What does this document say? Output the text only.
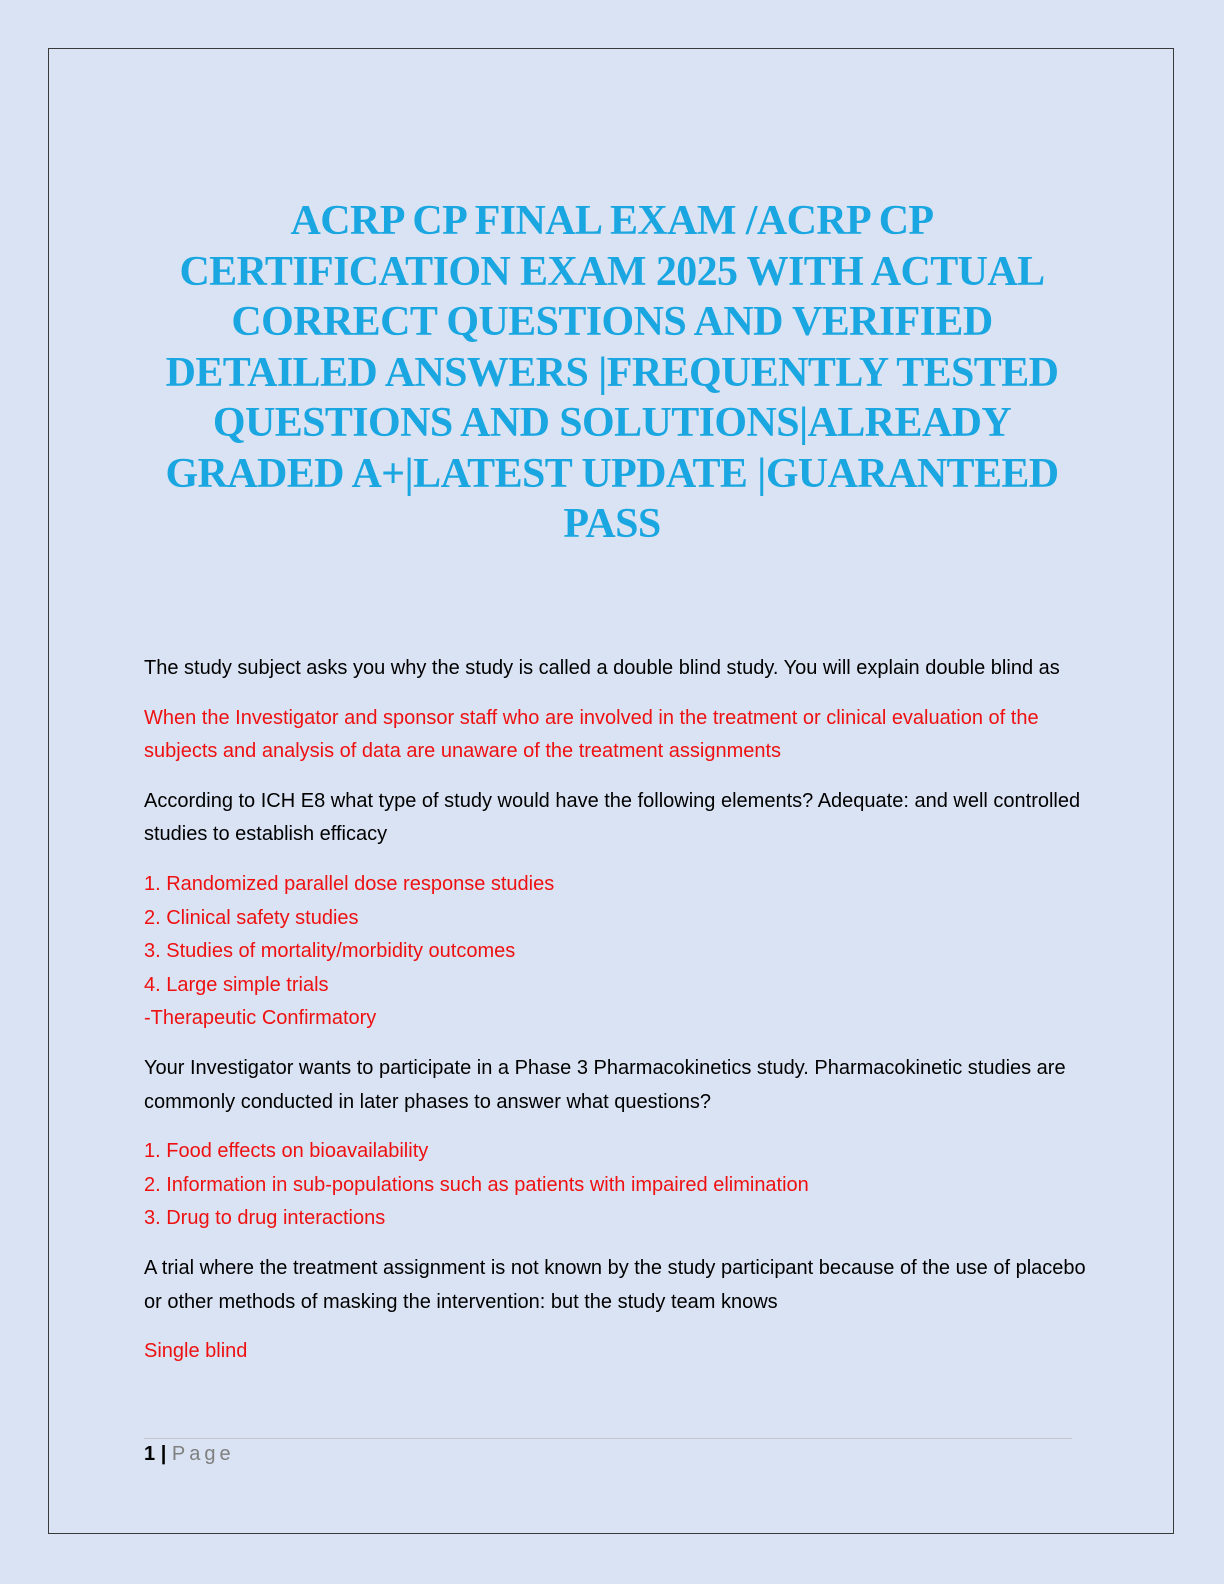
ACRP CP FINAL EXAM /ACRP CP CERTIFICATION EXAM 2025 WITH ACTUAL CORRECT QUESTIONS AND VERIFIED DETAILED ANSWERS |FREQUENTLY TESTED QUESTIONS AND SOLUTIONS|ALREADY GRADED A+|LATEST UPDATE |GUARANTEED PASS

The study subject asks you why the study is called a double blind study. You will explain double blind as

When the Investigator and sponsor staff who are involved in the treatment or clinical evaluation of the subjects and analysis of data are unaware of the treatment assignments

According to ICH E8 what type of study would have the following elements? Adequate: and well controlled studies to establish efficacy

1. Randomized parallel dose response studies
2. Clinical safety studies
3. Studies of mortality/morbidity outcomes
4. Large simple trials
-Therapeutic Confirmatory

Your Investigator wants to participate in a Phase 3 Pharmacokinetics study. Pharmacokinetic studies are commonly conducted in later phases to answer what questions?

1. Food effects on bioavailability
2. Information in sub-populations such as patients with impaired elimination
3. Drug to drug interactions

A trial where the treatment assignment is not known by the study participant because of the use of placebo or other methods of masking the intervention: but the study team knows

Single blind

1 | Page
